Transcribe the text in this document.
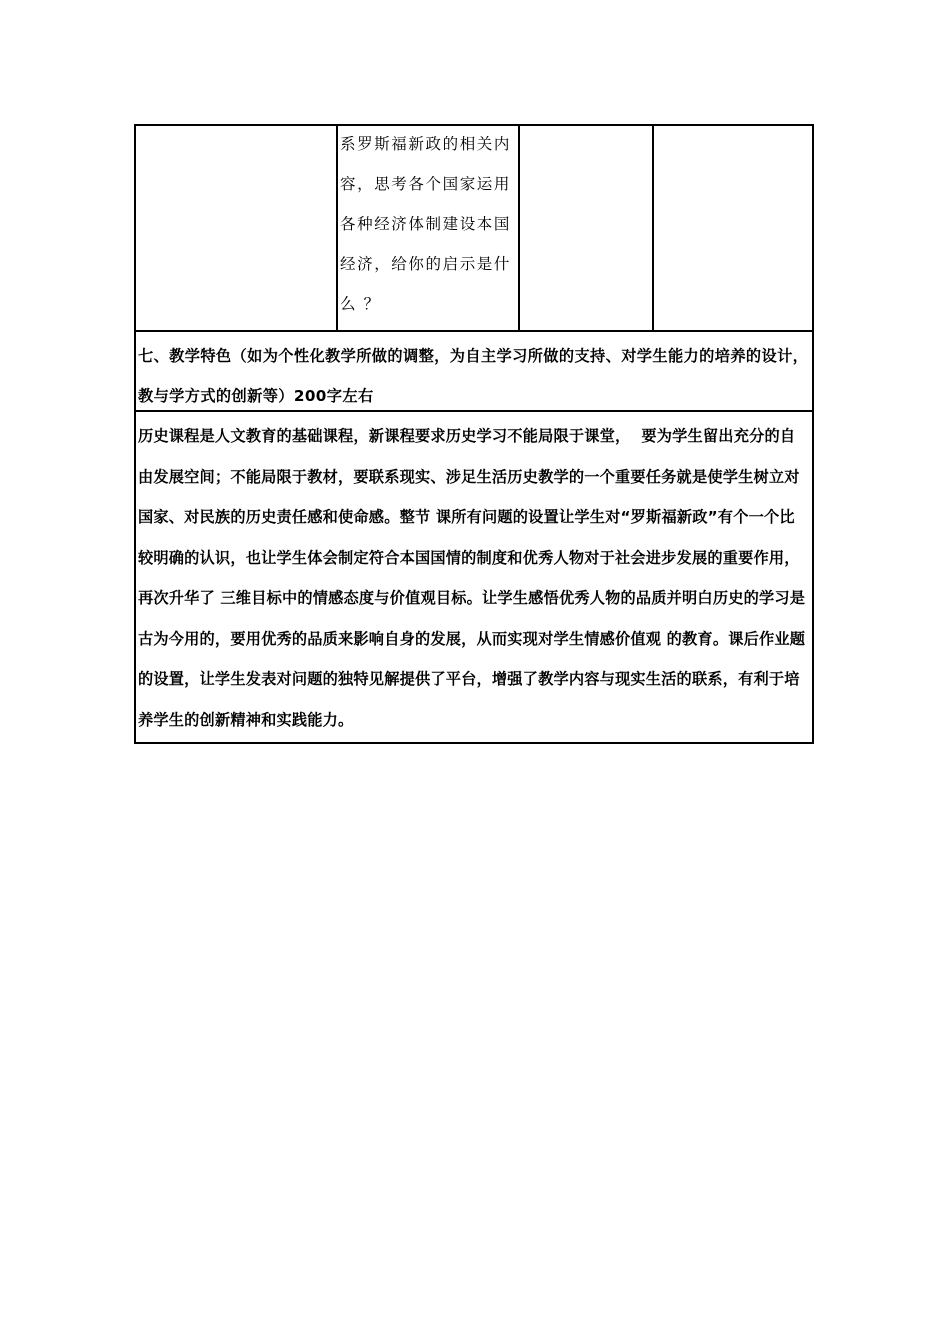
系罗斯福新政的相关内容，思考各个国家运用各种经济体制建设本国经济，给你的启示是什么 ？
七、教学特色（如为个性化教学所做的调整，为自主学习所做的支持、对学生能力的培养的设计，教与学方式的创新等）200字左右
历史课程是人文教育的基础课程，新课程要求历史学习不能局限于课堂，  要为学生留出充分的自由发展空间；不能局限于教材，要联系现实、涉足生活历史教学的一个重要任务就是使学生树立对国家、对民族的历史责任感和使命感。整节 课所有问题的设置让学生对“罗斯福新政”有个一个比较明确的认识，也让学生体会制定符合本国国情的制度和优秀人物对于社会进步发展的重要作用，再次升华了 三维目标中的情感态度与价值观目标。让学生感悟优秀人物的品质并明白历史的学习是古为今用的，要用优秀的品质来影响自身的发展，从而实现对学生情感价值观 的教育。课后作业题的设置，让学生发表对问题的独特见解提供了平台，增强了教学内容与现实生活的联系，有利于培养学生的创新精神和实践能力。
